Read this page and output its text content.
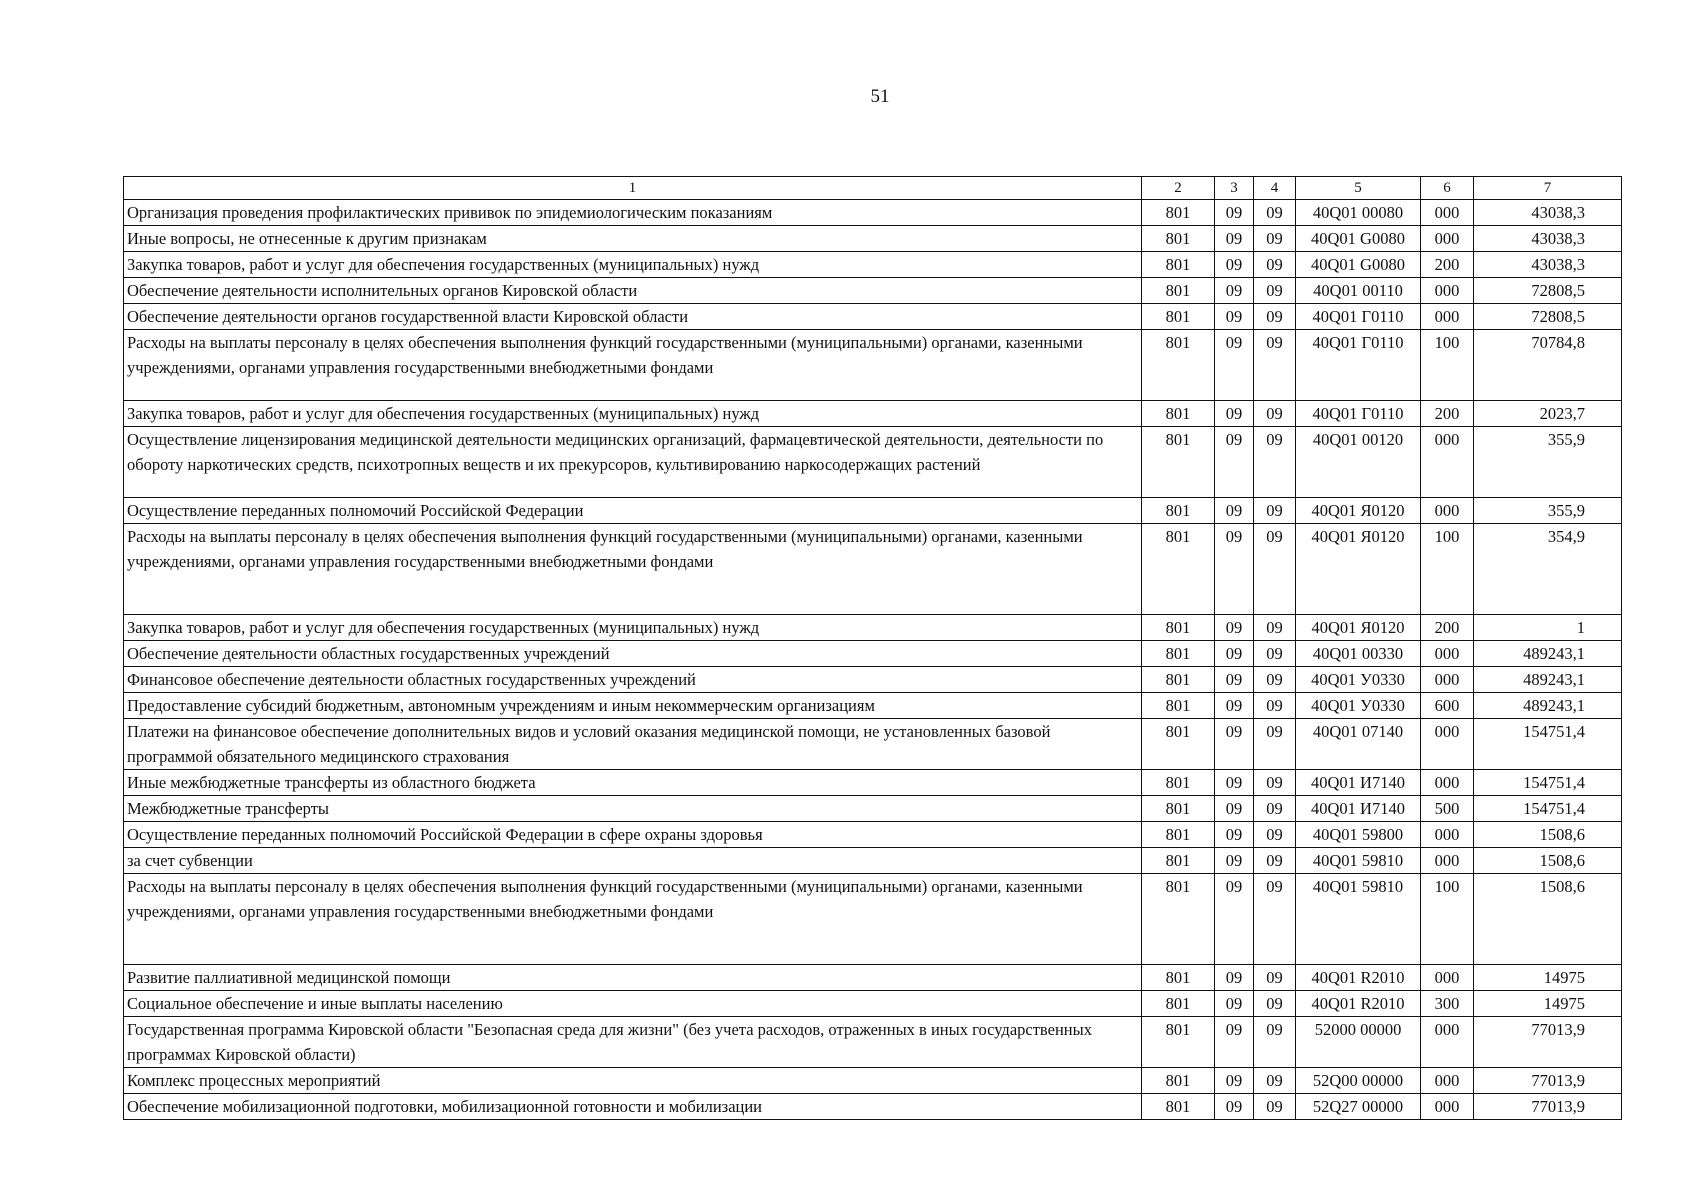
51
1	2	3	4	5	6	7
Организация проведения профилактических прививок по эпидемиологическим показаниям	801	09	09	40Q01 00080	000	43038,3
Иные вопросы, не отнесенные к другим признакам	801	09	09	40Q01 G0080	000	43038,3
Закупка товаров, работ и услуг для обеспечения государственных (муниципальных) нужд	801	09	09	40Q01 G0080	200	43038,3
Обеспечение деятельности исполнительных органов Кировской области	801	09	09	40Q01 00110	000	72808,5
Обеспечение деятельности органов государственной власти Кировской области	801	09	09	40Q01 Г0110	000	72808,5
Расходы на выплаты персоналу в целях обеспечения выполнения функций государственными (муниципальными) органами, казенными учреждениями, органами управления государственными внебюджетными фондами	801	09	09	40Q01 Г0110	100	70784,8
Закупка товаров, работ и услуг для обеспечения государственных (муниципальных) нужд	801	09	09	40Q01 Г0110	200	2023,7
Осуществление лицензирования медицинской деятельности медицинских организаций, фармацевтической деятельности, деятельности по обороту наркотических средств, психотропных веществ и их прекурсоров, культивированию наркосодержащих растений	801	09	09	40Q01 00120	000	355,9
Осуществление переданных полномочий Российской Федерации	801	09	09	40Q01 Я0120	000	355,9
Расходы на выплаты персоналу в целях обеспечения выполнения функций государственными (муниципальными) органами, казенными учреждениями, органами управления государственными внебюджетными фондами	801	09	09	40Q01 Я0120	100	354,9
Закупка товаров, работ и услуг для обеспечения государственных (муниципальных) нужд	801	09	09	40Q01 Я0120	200	1
Обеспечение деятельности областных государственных учреждений	801	09	09	40Q01 00330	000	489243,1
Финансовое обеспечение деятельности областных государственных учреждений	801	09	09	40Q01 У0330	000	489243,1
Предоставление субсидий бюджетным, автономным учреждениям и иным некоммерческим организациям	801	09	09	40Q01 У0330	600	489243,1
Платежи на финансовое обеспечение дополнительных видов и условий оказания медицинской помощи, не установленных базовой программой обязательного медицинского страхования	801	09	09	40Q01 07140	000	154751,4
Иные межбюджетные трансферты из областного бюджета	801	09	09	40Q01 И7140	000	154751,4
Межбюджетные трансферты	801	09	09	40Q01 И7140	500	154751,4
Осуществление переданных полномочий Российской Федерации в сфере охраны здоровья	801	09	09	40Q01 59800	000	1508,6
за счет субвенции	801	09	09	40Q01 59810	000	1508,6
Расходы на выплаты персоналу в целях обеспечения выполнения функций государственными (муниципальными) органами, казенными учреждениями, органами управления государственными внебюджетными фондами	801	09	09	40Q01 59810	100	1508,6
Развитие паллиативной медицинской помощи	801	09	09	40Q01 R2010	000	14975
Социальное обеспечение и иные выплаты населению	801	09	09	40Q01 R2010	300	14975
Государственная программа Кировской области "Безопасная среда для жизни" (без учета расходов, отраженных в иных государственных программах Кировской области)	801	09	09	52000 00000	000	77013,9
Комплекс процессных мероприятий	801	09	09	52Q00 00000	000	77013,9
Обеспечение мобилизационной подготовки, мобилизационной готовности и мобилизации	801	09	09	52Q27 00000	000	77013,9
